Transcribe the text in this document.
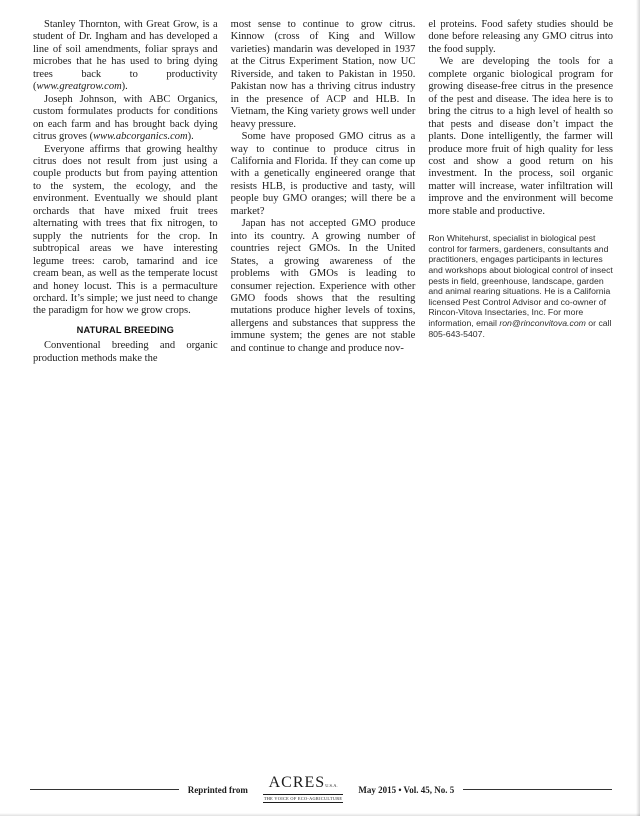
Stanley Thornton, with Great Grow, is a student of Dr. Ingham and has developed a line of soil amendments, foliar sprays and microbes that he has used to bring dying trees back to productivity (www.greatgrow.com).

Joseph Johnson, with ABC Organics, custom formulates products for conditions on each farm and has brought back dying citrus groves (www.abcorganics.com).

Everyone affirms that growing healthy citrus does not result from just using a couple products but from paying attention to the system, the ecology, and the environment. Eventually we should plant orchards that have mixed fruit trees alternating with trees that fix nitrogen, to supply the nutrients for the crop. In subtropical areas we have interesting legume trees: carob, tamarind and ice cream bean, as well as the temperate locust and honey locust. This is a permaculture orchard. It’s simple; we just need to change the paradigm for how we grow crops.

NATURAL BREEDING

Conventional breeding and organic production methods make the

most sense to continue to grow citrus. Kinnow (cross of King and Willow varieties) mandarin was developed in 1937 at the Citrus Experiment Station, now UC Riverside, and taken to Pakistan in 1950. Pakistan now has a thriving citrus industry in the presence of ACP and HLB. In Vietnam, the King variety grows well under heavy pressure.

Some have proposed GMO citrus as a way to continue to produce citrus in California and Florida. If they can come up with a genetically engineered orange that resists HLB, is productive and tasty, will people buy GMO oranges; will there be a market?

Japan has not accepted GMO produce into its country. A growing number of countries reject GMOs. In the United States, a growing awareness of the problems with GMOs is leading to consumer rejection. Experience with other GMO foods shows that the resulting mutations produce higher levels of toxins, allergens and substances that suppress the immune system; the genes are not stable and continue to change and produce nov-

el proteins. Food safety studies should be done before releasing any GMO citrus into the food supply.

We are developing the tools for a complete organic biological program for growing disease-free citrus in the presence of the pest and disease. The idea here is to bring the citrus to a high level of health so that pests and disease don’t impact the plants. Done intelligently, the farmer will produce more fruit of high quality for less cost and show a good return on his investment. In the process, soil organic matter will increase, water infiltration will improve and the environment will become more stable and productive.

Ron Whitehurst, specialist in biological pest control for farmers, gardeners, consultants and practitioners, engages participants in lectures and workshops about biological control of insect pests in field, greenhouse, landscape, garden and animal rearing situations. He is a California licensed Pest Control Advisor and co-owner of Rincon-Vitova Insectaries, Inc. For more information, email ron@rinconvitova.com or call 805-643-5407.

Reprinted from	ACRESU.S.A.
THE VOICE OF ECO-AGRICULTURE
May 2015 • Vol. 45, No. 5
